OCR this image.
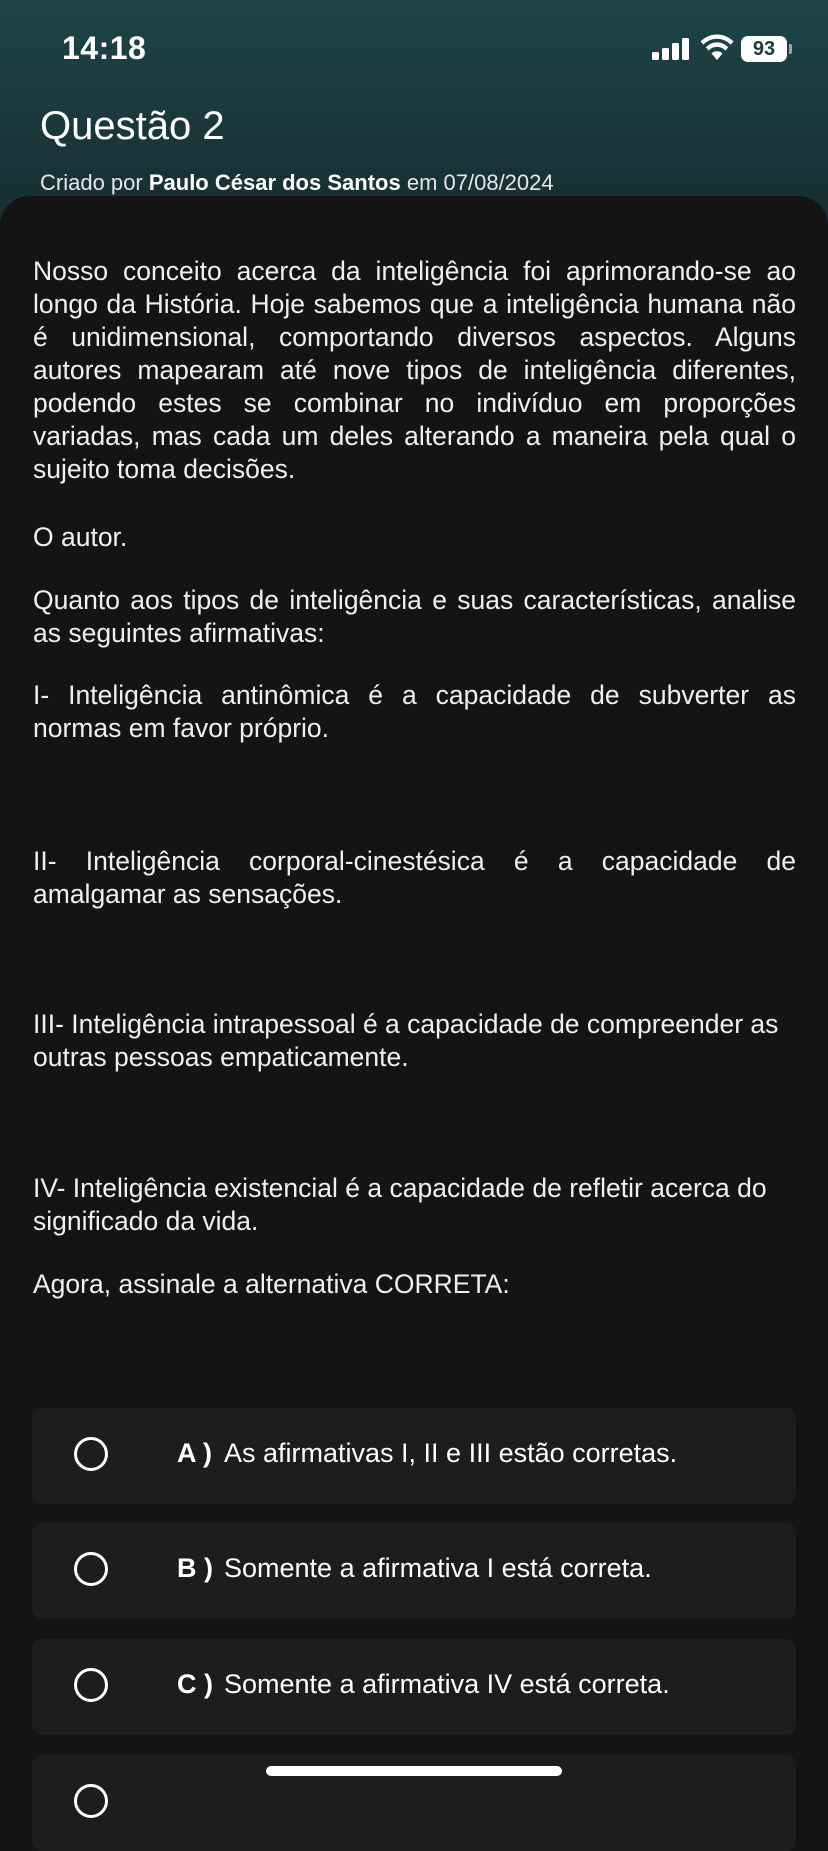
14:18	93
Questão 2
Criado por Paulo César dos Santos em 07/08/2024
Nosso conceito acerca da inteligência foi aprimorando-se ao longo da História. Hoje sabemos que a inteligência humana não é unidimensional, comportando diversos aspectos. Alguns autores mapearam até nove tipos de inteligência diferentes, podendo estes se combinar no indivíduo em proporções variadas, mas cada um deles alterando a maneira pela qual o sujeito toma decisões.
O autor.
Quanto aos tipos de inteligência e suas características, analise as seguintes afirmativas:
I- Inteligência antinômica é a capacidade de subverter as normas em favor próprio.
II- Inteligência corporal-cinestésica é a capacidade de amalgamar as sensações.
III- Inteligência intrapessoal é a capacidade de compreender as outras pessoas empaticamente.
IV- Inteligência existencial é a capacidade de refletir acerca do significado da vida.
Agora, assinale a alternativa CORRETA:
A ) As afirmativas I, II e III estão corretas.
B ) Somente a afirmativa I está correta.
C ) Somente a afirmativa IV está correta.
